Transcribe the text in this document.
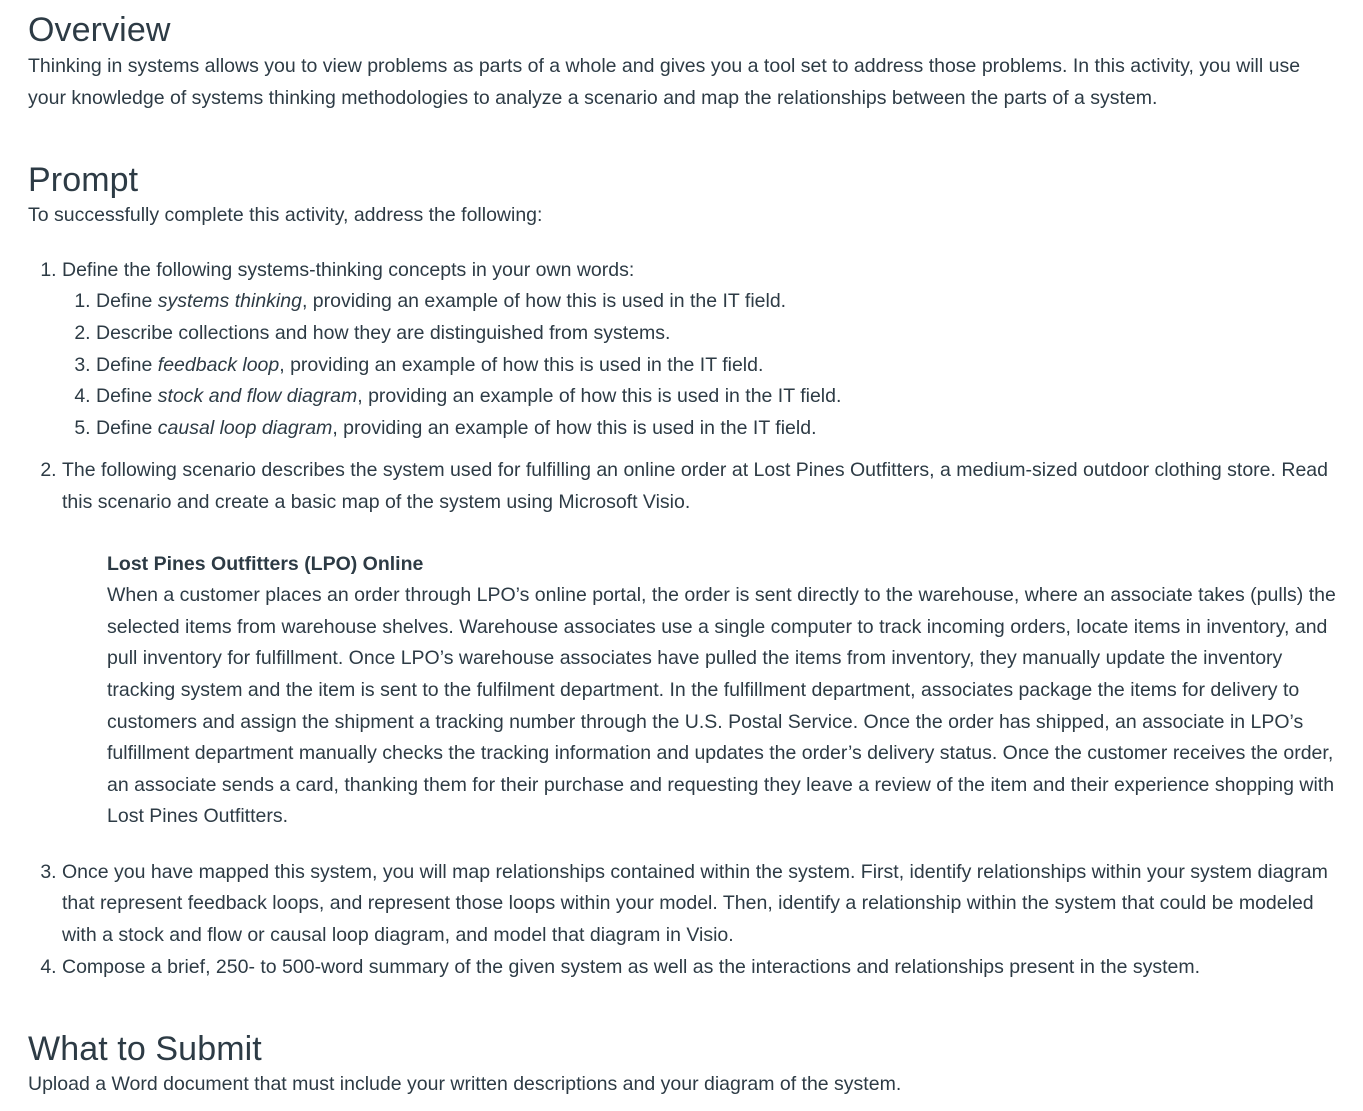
Overview

Thinking in systems allows you to view problems as parts of a whole and gives you a tool set to address those problems. In this activity, you will use your knowledge of systems thinking methodologies to analyze a scenario and map the relationships between the parts of a system.

Prompt

To successfully complete this activity, address the following:

1. Define the following systems-thinking concepts in your own words:
1. Define systems thinking, providing an example of how this is used in the IT field.
2. Describe collections and how they are distinguished from systems.
3. Define feedback loop, providing an example of how this is used in the IT field.
4. Define stock and flow diagram, providing an example of how this is used in the IT field.
5. Define causal loop diagram, providing an example of how this is used in the IT field.
2. The following scenario describes the system used for fulfilling an online order at Lost Pines Outfitters, a medium-sized outdoor clothing store. Read this scenario and create a basic map of the system using Microsoft Visio.
Lost Pines Outfitters (LPO) Online
When a customer places an order through LPO’s online portal, the order is sent directly to the warehouse, where an associate takes (pulls) the selected items from warehouse shelves. Warehouse associates use a single computer to track incoming orders, locate items in inventory, and pull inventory for fulfillment. Once LPO’s warehouse associates have pulled the items from inventory, they manually update the inventory tracking system and the item is sent to the fulfilment department. In the fulfillment department, associates package the items for delivery to customers and assign the shipment a tracking number through the U.S. Postal Service. Once the order has shipped, an associate in LPO’s fulfillment department manually checks the tracking information and updates the order’s delivery status. Once the customer receives the order, an associate sends a card, thanking them for their purchase and requesting they leave a review of the item and their experience shopping with Lost Pines Outfitters.
3. Once you have mapped this system, you will map relationships contained within the system. First, identify relationships within your system diagram that represent feedback loops, and represent those loops within your model. Then, identify a relationship within the system that could be modeled with a stock and flow or causal loop diagram, and model that diagram in Visio.
4. Compose a brief, 250- to 500-word summary of the given system as well as the interactions and relationships present in the system.
What to Submit

Upload a Word document that must include your written descriptions and your diagram of the system.
